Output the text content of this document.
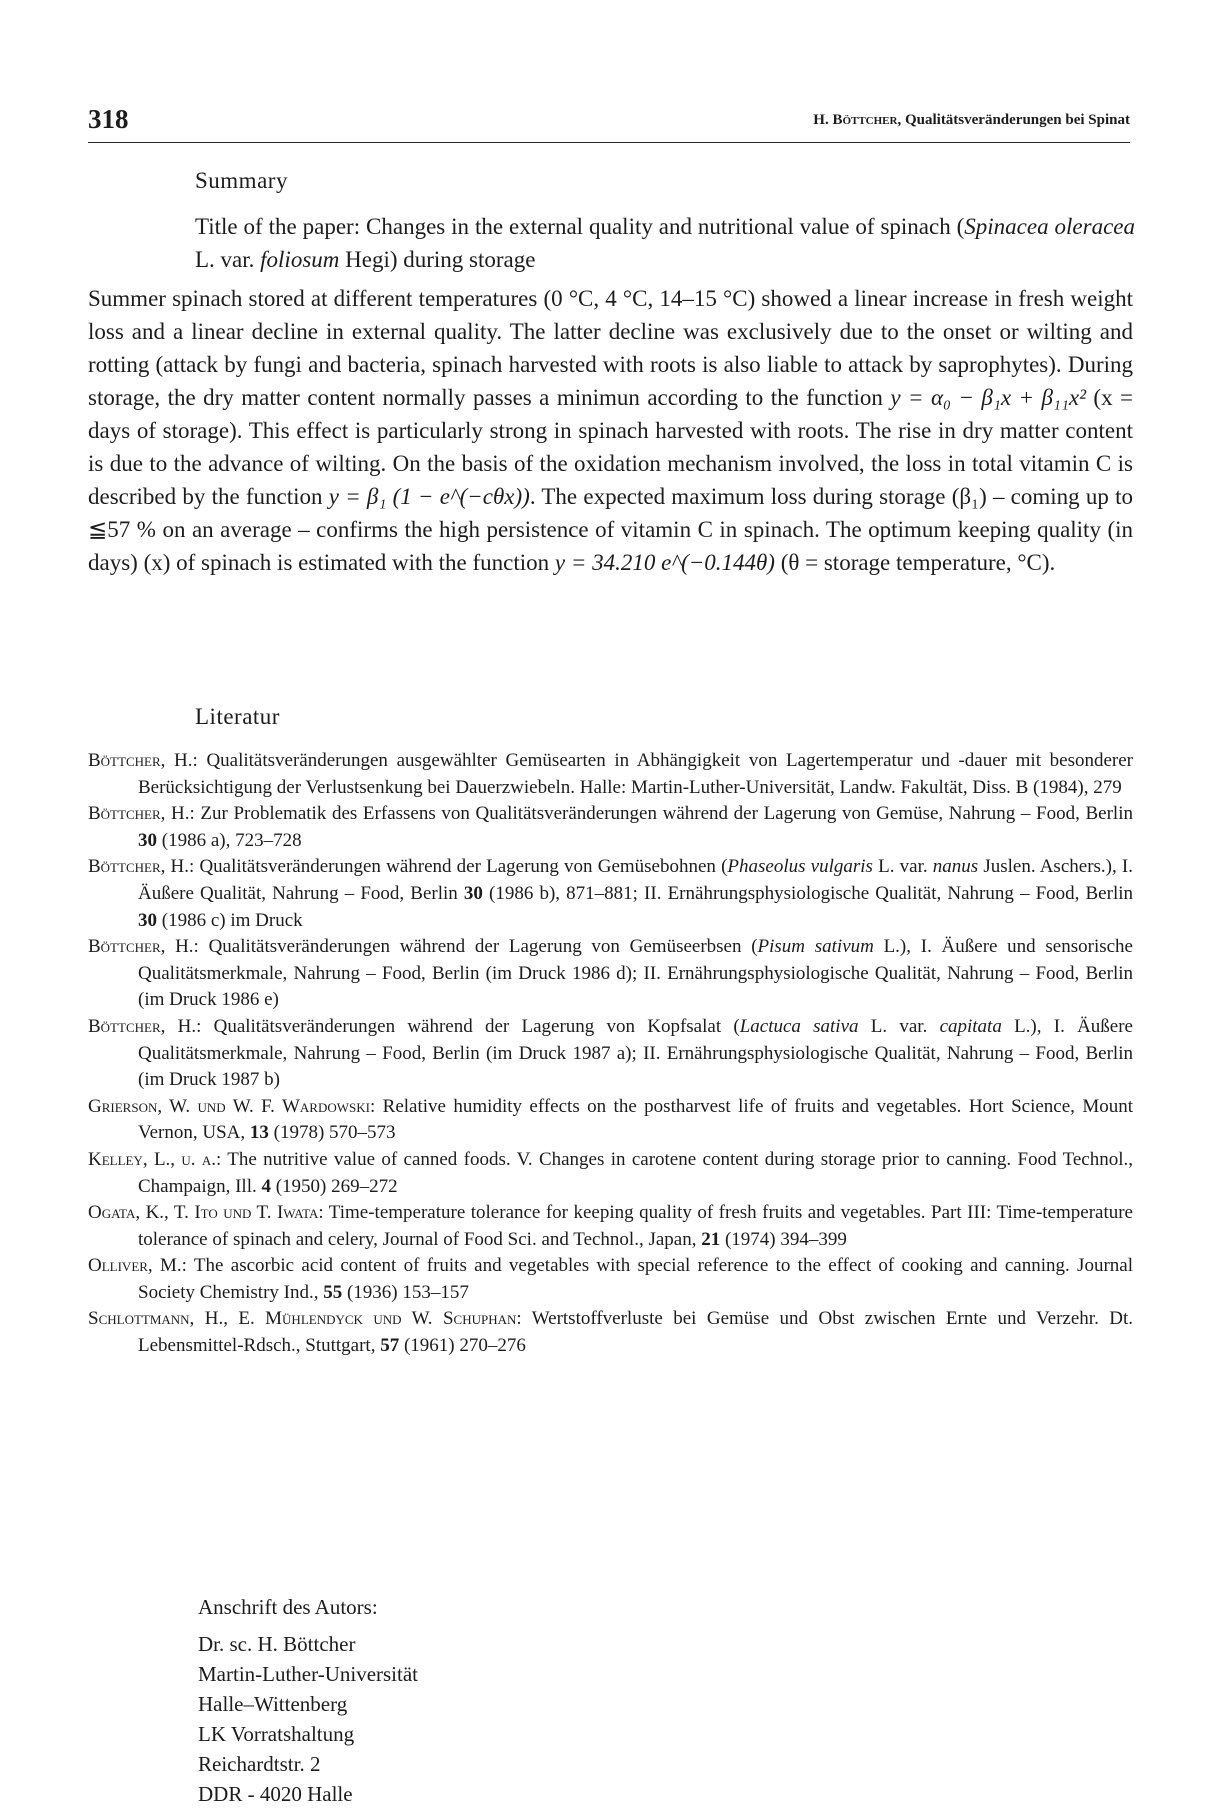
318	H. Böttcher, Qualitätsveränderungen bei Spinat
Summary
Title of the paper: Changes in the external quality and nutritional value of spinach (Spinacea oleracea L. var. foliosum Hegi) during storage
Summer spinach stored at different temperatures (0 °C, 4 °C, 14–15 °C) showed a linear increase in fresh weight loss and a linear decline in external quality. The latter decline was exclusively due to the onset or wilting and rotting (attack by fungi and bacteria, spinach harvested with roots is also liable to attack by saprophytes). During storage, the dry matter content normally passes a minimun according to the function y = α₀ − β₁x + β₁₁x² (x = days of storage). This effect is particularly strong in spinach harvested with roots. The rise in dry matter content is due to the advance of wilting. On the basis of the oxidation mechanism involved, the loss in total vitamin C is described by the function y = β₁ (1 − e^(−cθx)). The expected maximum loss during storage (β₁) – coming up to ≦57 % on an average – confirms the high persistence of vitamin C in spinach. The optimum keeping quality (in days) (x) of spinach is estimated with the function y = 34.210 e^(−0.144θ) (θ = storage temperature, °C).
Literatur
Böttcher, H.: Qualitätsveränderungen ausgewählter Gemüsearten in Abhängigkeit von Lagertemperatur und -dauer mit besonderer Berücksichtigung der Verlustsenkung bei Dauerzwiebeln. Halle: Martin-Luther-Universität, Landw. Fakultät, Diss. B (1984), 279
Böttcher, H.: Zur Problematik des Erfassens von Qualitätsveränderungen während der Lagerung von Gemüse, Nahrung – Food, Berlin 30 (1986 a), 723–728
Böttcher, H.: Qualitätsveränderungen während der Lagerung von Gemüsebohnen (Phaseolus vulgaris L. var. nanus Juslen. Aschers.), I. Äußere Qualität, Nahrung – Food, Berlin 30 (1986 b), 871–881; II. Ernährungsphysiologische Qualität, Nahrung – Food, Berlin 30 (1986 c) im Druck
Böttcher, H.: Qualitätsveränderungen während der Lagerung von Gemüseerbsen (Pisum sativum L.), I. Äußere und sensorische Qualitätsmerkmale, Nahrung – Food, Berlin (im Druck 1986 d); II. Ernährungsphysiologische Qualität, Nahrung – Food, Berlin (im Druck 1986 e)
Böttcher, H.: Qualitätsveränderungen während der Lagerung von Kopfsalat (Lactuca sativa L. var. capitata L.), I. Äußere Qualitätsmerkmale, Nahrung – Food, Berlin (im Druck 1987 a); II. Ernährungsphysiologische Qualität, Nahrung – Food, Berlin (im Druck 1987 b)
Grierson, W. und W. F. Wardowski: Relative humidity effects on the postharvest life of fruits and vegetables. Hort Science, Mount Vernon, USA, 13 (1978) 570–573
Kelley, L., u. a.: The nutritive value of canned foods. V. Changes in carotene content during storage prior to canning. Food Technol., Champaign, Ill. 4 (1950) 269–272
Ogata, K., T. Ito und T. Iwata: Time-temperature tolerance for keeping quality of fresh fruits and vegetables. Part III: Time-temperature tolerance of spinach and celery, Journal of Food Sci. and Technol., Japan, 21 (1974) 394–399
Olliver, M.: The ascorbic acid content of fruits and vegetables with special reference to the effect of cooking and canning. Journal Society Chemistry Ind., 55 (1936) 153–157
Schlottmann, H., E. Mühlendyck und W. Schuphan: Wertstoffverluste bei Gemüse und Obst zwischen Ernte und Verzehr. Dt. Lebensmittel-Rdsch., Stuttgart, 57 (1961) 270–276
Anschrift des Autors:
Dr. sc. H. Böttcher
Martin-Luther-Universität
Halle–Wittenberg
LK Vorratshaltung
Reichardtstr. 2
DDR - 4020 Halle
